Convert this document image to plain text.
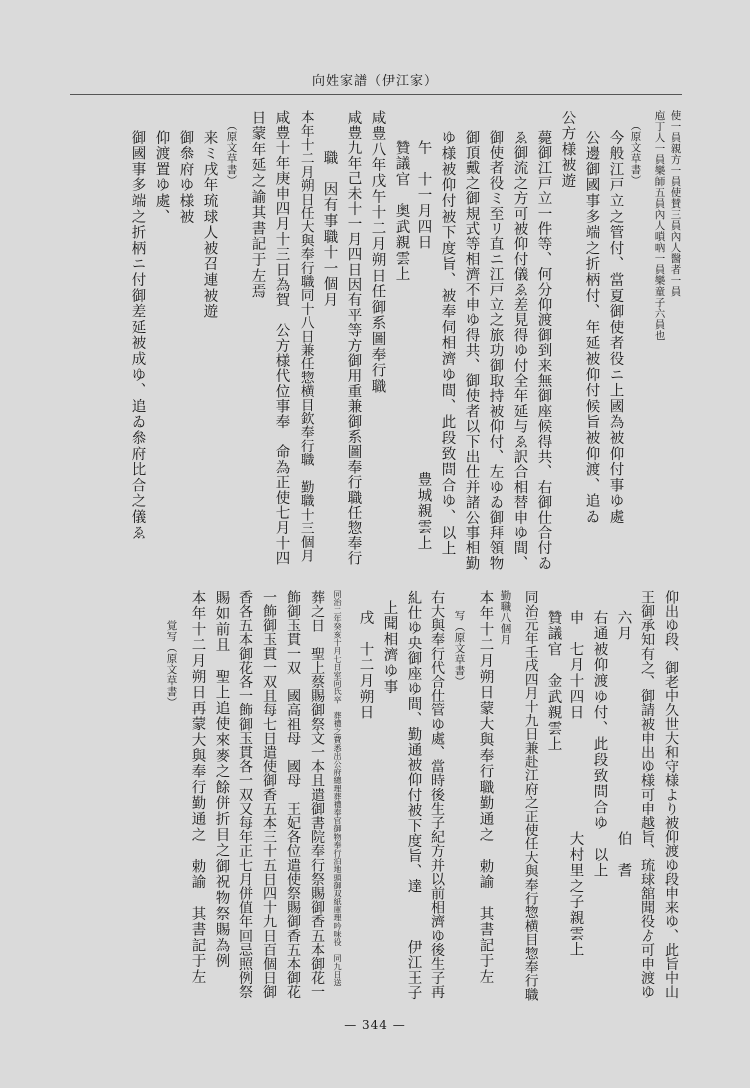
向姓家譜（伊江家）
使一員親方一員使賛三員內人醫者一員
庖丁人一員樂師五員內人嗩吶一員樂童子六員也
（原文草書）
今般江戸立之管付、當夏御使者役ニ上國為被仰付事ゆ處
公邊御國事多端之折柄付、年延被仰付候旨被仰渡、追ゐ
公方様被遊
薨御江戸立一件等、何分仰渡御到来無御座候得共、右御仕合付ゐ
ゑ御流之方可被仰付儀ゑ差見得ゆ付全年延与ゑ訳合相替申ゆ間、
御使者役ミ至リ直ニ江戸立之旅功御取持被仰付、左ゆゐ御拜領物
御頂戴之御規式等相濟不申ゆ得共、御使者以下出仕并諸公事相勤
ゆ様被仰付被下度旨、被奉伺相濟ゆ間、此段致問合ゆ、以上
午　十一月四日　　　　　　　　　　　　　　豊城親雲上
贊議官　奥武親雲上
咸豊八年戊午十二月朔日任御系圖奉行職
咸豊九年己未十一月四日因有平等方御用重兼御系圖奉行職任惣奉行
職　因有事職十一個月
本年十二月朔日任大與奉行職同十八日兼任惣横目欽奉行職　勤職十三個月
咸豊十年庚申四月十三日為賀　公方様代位事奉　命為正使七月十四
日蒙年延之諭其書記于左焉
（原文草書）
来ミ戌年琉球人被召連被遊
御叅府ゆ様被
仰渡置ゆ處、
御國事多端之折柄ニ付御差延被成ゆ、追ゐ叅府比合之儀ゑ
仰出ゆ段、御老中久世大和守様より被仰渡ゆ段申来ゆ、此旨中山
王御承知有之、御請被申出ゆ様可申越旨、琉球舘聞役ゟ可申渡ゆ
六月　　　　　　　　　　　　伯　耆
右通被仰渡ゆ付、此段致問合ゆ　以上
申　七月十四日　　　　　　　大村里之子親雲上
贊議官　金武親雲上
同治元年壬戌四月十九日兼赴江府之正使任大與奉行惣横目惣奉行職
勤職八個月
本年十二月朔日蒙大與奉行職勤通之　勅諭　其書記于左
写（原文草書）
右大與奉行代合仕管ゆ處、當時後生子紀方并以前相濟ゆ後生子再
糺仕ゆ央御座ゆ間、勤通被仰付被下度旨、達　　　伊江王子
上聞相濟ゆ事
戌　十二月朔日
同治二年癸亥十月七日室向氏卒　葬禮之費悉出公府總理葬禮奉官御物奉行泊地頭御双紙庫理吟味役　同九日送
葬之日　聖上蔡賜御祭文一本且遣御書院奉行祭賜御香五本御花一
飾御玉貫一双　國高祖母　國母　王妃各位遣使祭賜御香五本御花
一飾御玉貫一双且每七日遣使御香五本三十五日四十九日百個日御
香各五本御花各一飾御玉貫各一双又每年正七月併值年回忌照例祭
賜如前且　聖上追使來麥之餘併折目之御祝物祭賜為例
本年十二月朔日再蒙大與奉行勤通之　勅諭　其書記于左
覚写（原文草書）
— 344 —
